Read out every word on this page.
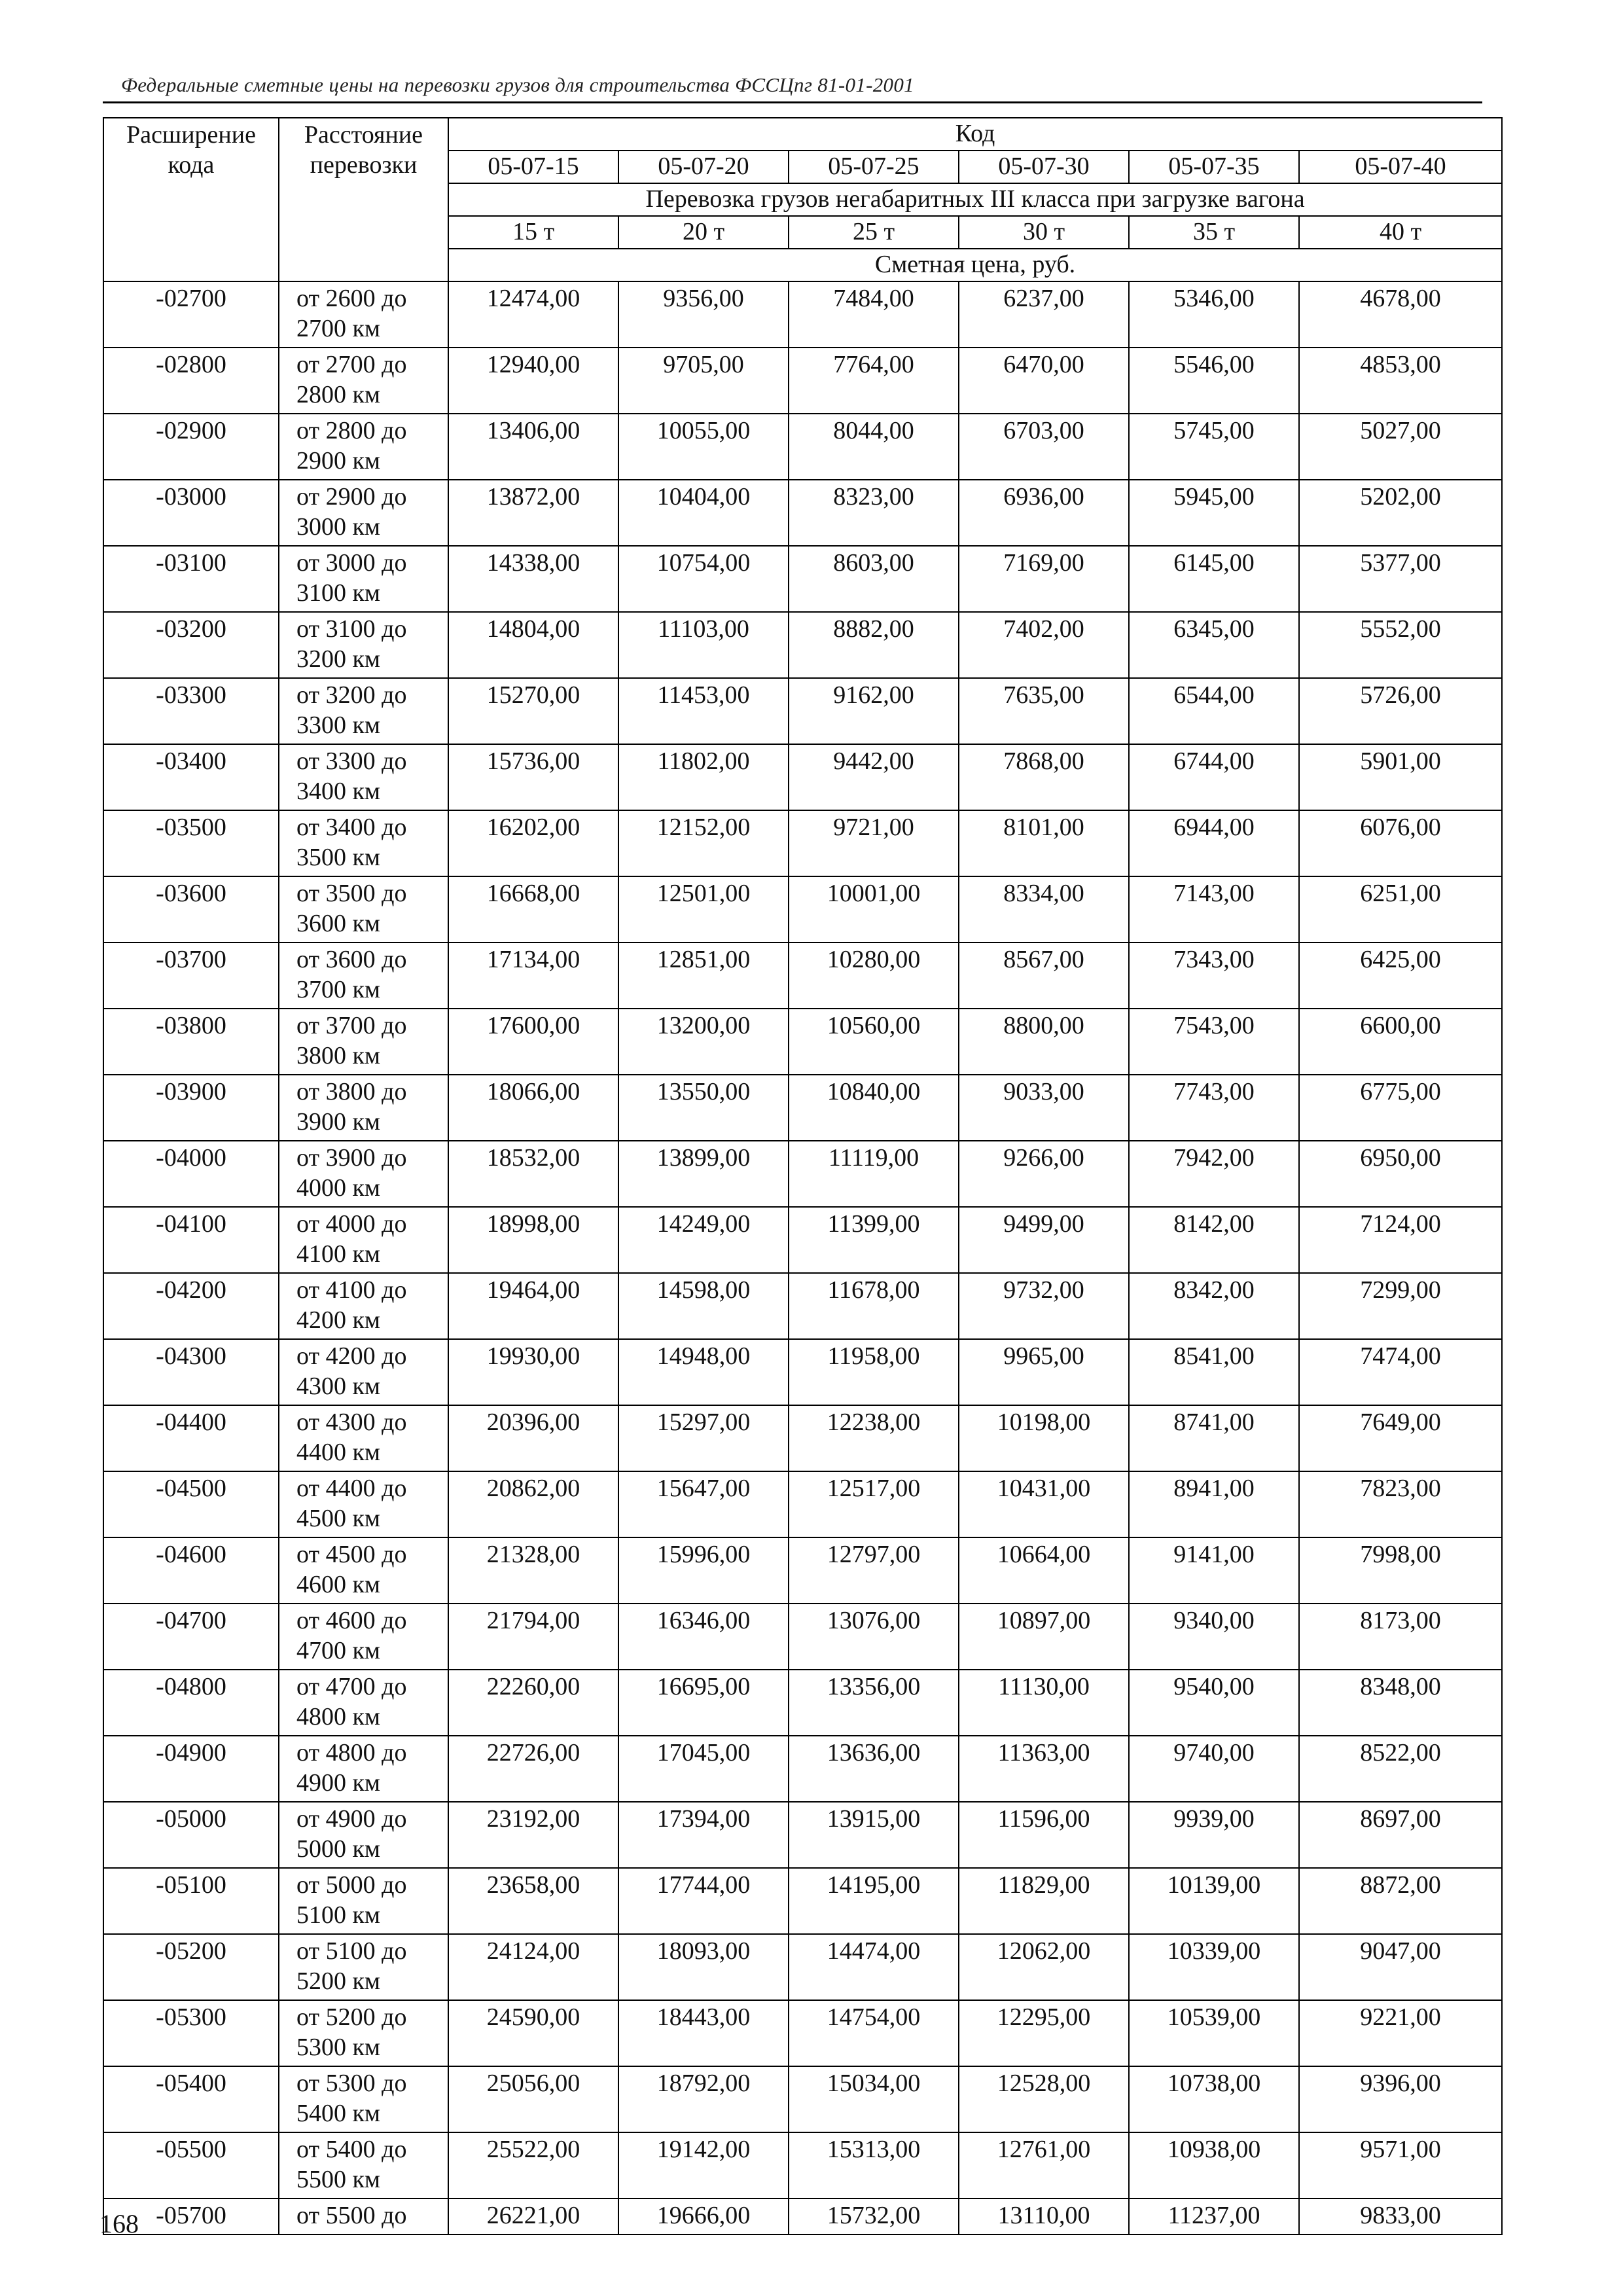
Федеральные сметные цены на перевозки грузов для строительства ФССЦпг 81-01-2001
Расширение кода	Расстояние перевозки	Код					
		05-07-15	05-07-20	05-07-25	05-07-30	05-07-35	05-07-40
		Перевозка грузов негабаритных III класса при загрузке вагона					
		15 т	20 т	25 т	30 т	35 т	40 т
		Сметная цена, руб.					
-02700	от 2600 до
2700 км	12474,00	9356,00	7484,00	6237,00	5346,00	4678,00
-02800	от 2700 до
2800 км	12940,00	9705,00	7764,00	6470,00	5546,00	4853,00
-02900	от 2800 до
2900 км	13406,00	10055,00	8044,00	6703,00	5745,00	5027,00
-03000	от 2900 до
3000 км	13872,00	10404,00	8323,00	6936,00	5945,00	5202,00
-03100	от 3000 до
3100 км	14338,00	10754,00	8603,00	7169,00	6145,00	5377,00
-03200	от 3100 до
3200 км	14804,00	11103,00	8882,00	7402,00	6345,00	5552,00
-03300	от 3200 до
3300 км	15270,00	11453,00	9162,00	7635,00	6544,00	5726,00
-03400	от 3300 до
3400 км	15736,00	11802,00	9442,00	7868,00	6744,00	5901,00
-03500	от 3400 до
3500 км	16202,00	12152,00	9721,00	8101,00	6944,00	6076,00
-03600	от 3500 до
3600 км	16668,00	12501,00	10001,00	8334,00	7143,00	6251,00
-03700	от 3600 до
3700 км	17134,00	12851,00	10280,00	8567,00	7343,00	6425,00
-03800	от 3700 до
3800 км	17600,00	13200,00	10560,00	8800,00	7543,00	6600,00
-03900	от 3800 до
3900 км	18066,00	13550,00	10840,00	9033,00	7743,00	6775,00
-04000	от 3900 до
4000 км	18532,00	13899,00	11119,00	9266,00	7942,00	6950,00
-04100	от 4000 до
4100 км	18998,00	14249,00	11399,00	9499,00	8142,00	7124,00
-04200	от 4100 до
4200 км	19464,00	14598,00	11678,00	9732,00	8342,00	7299,00
-04300	от 4200 до
4300 км	19930,00	14948,00	11958,00	9965,00	8541,00	7474,00
-04400	от 4300 до
4400 км	20396,00	15297,00	12238,00	10198,00	8741,00	7649,00
-04500	от 4400 до
4500 км	20862,00	15647,00	12517,00	10431,00	8941,00	7823,00
-04600	от 4500 до
4600 км	21328,00	15996,00	12797,00	10664,00	9141,00	7998,00
-04700	от 4600 до
4700 км	21794,00	16346,00	13076,00	10897,00	9340,00	8173,00
-04800	от 4700 до
4800 км	22260,00	16695,00	13356,00	11130,00	9540,00	8348,00
-04900	от 4800 до
4900 км	22726,00	17045,00	13636,00	11363,00	9740,00	8522,00
-05000	от 4900 до
5000 км	23192,00	17394,00	13915,00	11596,00	9939,00	8697,00
-05100	от 5000 до
5100 км	23658,00	17744,00	14195,00	11829,00	10139,00	8872,00
-05200	от 5100 до
5200 км	24124,00	18093,00	14474,00	12062,00	10339,00	9047,00
-05300	от 5200 до
5300 км	24590,00	18443,00	14754,00	12295,00	10539,00	9221,00
-05400	от 5300 до
5400 км	25056,00	18792,00	15034,00	12528,00	10738,00	9396,00
-05500	от 5400 до
5500 км	25522,00	19142,00	15313,00	12761,00	10938,00	9571,00
-05700	от 5500 до	26221,00	19666,00	15732,00	13110,00	11237,00	9833,00
168
